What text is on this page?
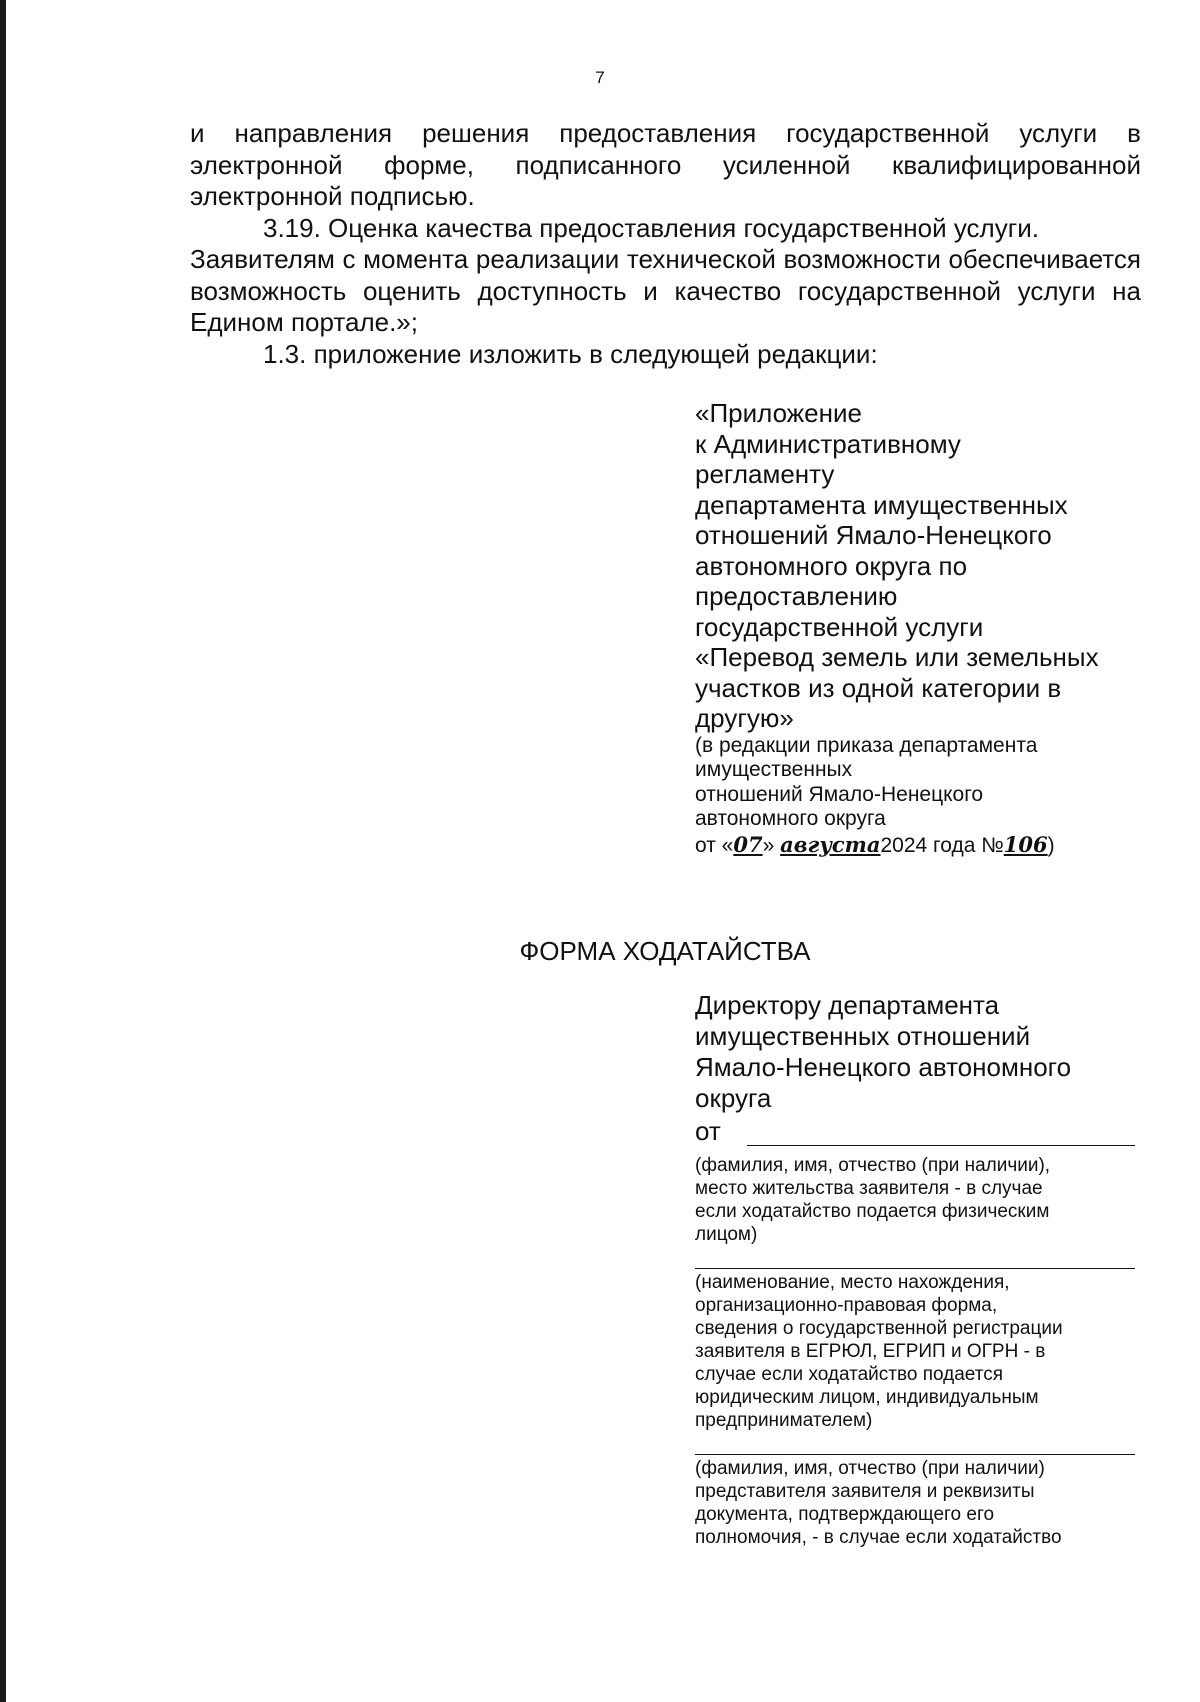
7

и направления решения предоставления государственной услуги в электронной форме, подписанного усиленной квалифицированной электронной подписью.

3.19. Оценка качества предоставления государственной услуги.

Заявителям с момента реализации технической возможности обеспечивается возможность оценить доступность и качество государственной услуги на Едином портале.»;

1.3. приложение изложить в следующей редакции:

«Приложение
к Административному
регламенту
департамента имущественных
отношений Ямало-Ненецкого
автономного округа по
предоставлению
государственной услуги
«Перевод земель или земельных
участков из одной категории в
другую»

(в редакции приказа департамента
имущественных
отношений Ямало-Ненецкого
автономного округа

от «07» августа2024 года №106)
ФОРМА ХОДАТАЙСТВА

Директору департамента
имущественных отношений
Ямало-Ненецкого автономного
округа

от

(фамилия, имя, отчество (при наличии),
место жительства заявителя - в случае
если ходатайство подается физическим
лицом)

(наименование, место нахождения,
организационно-правовая форма,
сведения о государственной регистрации
заявителя в ЕГРЮЛ, ЕГРИП и ОГРН - в
случае если ходатайство подается
юридическим лицом, индивидуальным
предпринимателем)

(фамилия, имя, отчество (при наличии)
представителя заявителя и реквизиты
документа, подтверждающего его
полномочия, - в случае если ходатайство
